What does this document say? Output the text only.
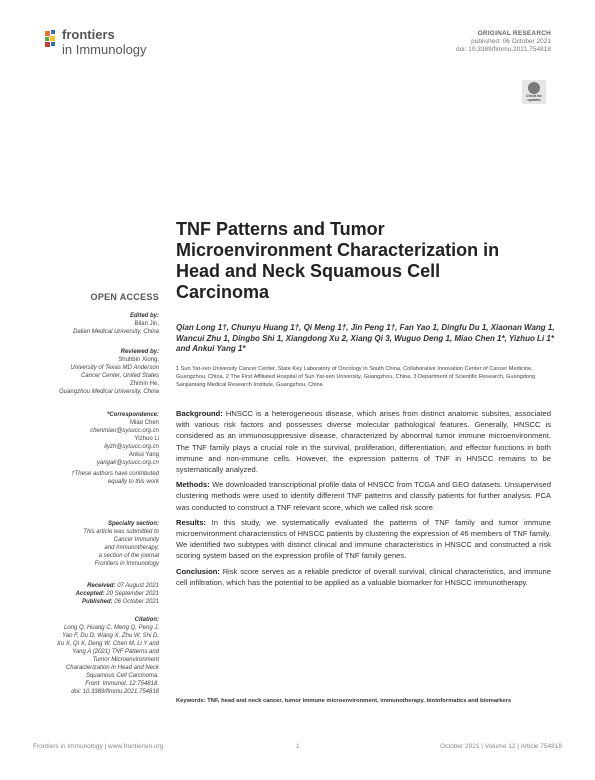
frontiers
in Immunology
ORIGINAL RESEARCH
published: 06 October 2021
doi: 10.3389/fimmu.2021.754818
Check for
updates
TNF Patterns and Tumor Microenvironment Characterization in Head and Neck Squamous Cell Carcinoma
OPEN ACCESS
Edited by:
Bilan Jin,
Dalian Medical University, China
Reviewed by:
Shuhbin Xiong,
University of Texas MD Anderson
Cancer Center, United States
Zhimin He,
Guangzhou Medical University, China
*Correspondence:
Miao Chen
chenmiao@sysucc.org.cn
Yizhuo Li
liyzh@sysucc.org.cn
Ankui Yang
yangak@sysucc.org.cn
†These authors have contributed
equally to this work
Specialty section:
This article was submitted to
Cancer Immunity
and Immunotherapy,
a section of the journal
Frontiers in Immunology
Received: 07 August 2021
Accepted: 20 September 2021
Published: 06 October 2021
Citation:
Long Q, Huang C, Meng Q, Peng J,
Yao F, Du D, Wang X, Zhu W, Shi D,
Xu X, Qi X, Deng W, Chen M, Li Y and
Yang A (2021) TNF Patterns and
Tumor Microenvironment
Characterization in Head and Neck
Squamous Cell Carcinoma.
Front. Immunol. 12:754818.
doi: 10.3389/fimmu.2021.754818
Qian Long 1†, Chunyu Huang 1†, Qi Meng 1†, Jin Peng 1†, Fan Yao 1, Dingfu Du 1, Xiaonan Wang 1, Wancui Zhu 1, Dingbo Shi 1, Xiangdong Xu 2, Xiang Qi 3, Wuguo Deng 1, Miao Chen 1*, Yizhuo Li 1* and Ankui Yang 1*
1 Sun Yat-sen University Cancer Center, State Key Laboratory of Oncology in South China, Collaborative Innovation Center of Cancer Medicine, Guangzhou, China, 2 The First Affiliated Hospital of Sun Yat-sen University, Guangzhou, China, 3 Department of Scientific Research, Guangdong Sanjiantang Medical Research Institute, Guangzhou, China

Background: HNSCC is a heterogeneous disease, which arises from distinct anatomic subsites, associated with various risk factors and possesses diverse molecular pathological features. Generally, HNSCC is considered as an immunosuppressive disease, characterized by abnormal tumor immune microenvironment. The TNF family plays a crucial role in the survival, proliferation, differentiation, and effector functions in both immune and non-immune cells. However, the expression patterns of TNF in HNSCC remains to be systematically analyzed.

Methods: We downloaded transcriptional profile data of HNSCC from TCGA and GEO datasets. Unsupervised clustering methods were used to identify different TNF patterns and classify patients for further analysis. PCA was conducted to construct a TNF relevant score, which we called risk score.

Results: In this study, we systematically evaluated the patterns of TNF family and tumor immune microenvironment characteristics of HNSCC patients by clustering the expression of 46 members of TNF family. We identified two subtypes with distinct clinical and immune characteristics in HNSCC and constructed a risk scoring system based on the expression profile of TNF family genes.

Conclusion: Risk score serves as a reliable predictor of overall survival, clinical characteristics, and immune cell infiltration, which has the potential to be applied as a valuable biomarker for HNSCC immunotherapy.

Keywords: TNF, head and neck cancer, tumor immune microenvironment, immunotherapy, bioinformatics and biomarkers
Frontiers in Immunology | www.frontiersin.org	1	October 2021 | Volume 12 | Article 754818
